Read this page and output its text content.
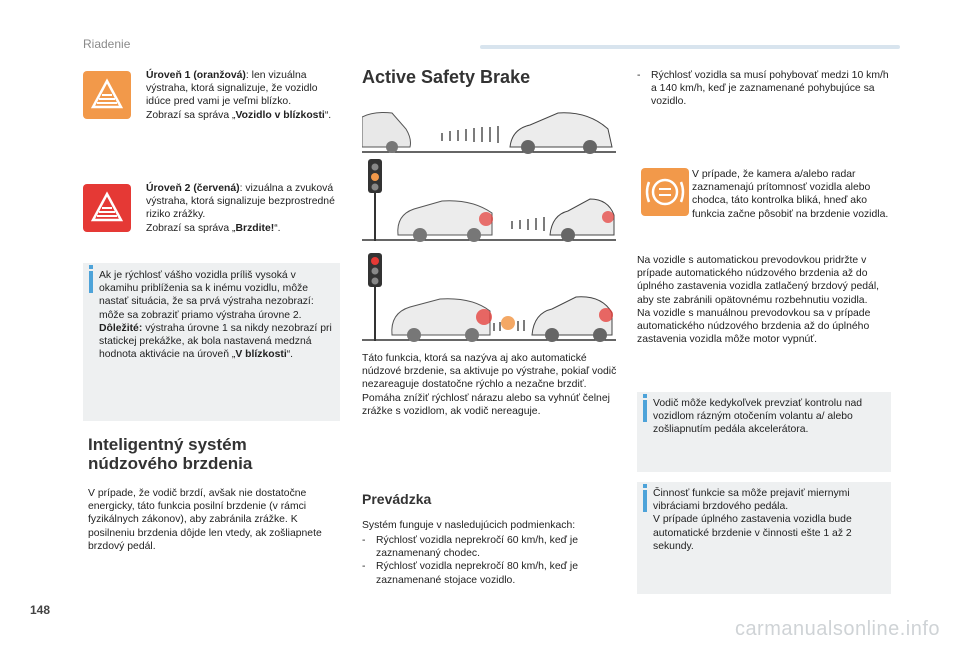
Riadenie
Úroveň 1 (oranžová): len vizuálna výstraha, ktorá signalizuje, že vozidlo idúce pred vami je veľmi blízko.
Zobrazí sa správa „Vozidlo v blízkosti“.
Úroveň 2 (červená): vizuálna a zvuková výstraha, ktorá signalizuje bezprostredné riziko zrážky.
Zobrazí sa správa „Brzdite!“.
Ak je rýchlosť vášho vozidla príliš vysoká v okamihu priblíženia sa k inému vozidlu, môže nastať situácia, že sa prvá výstraha nezobrazí: môže sa zobraziť priamo výstraha úrovne 2.
Dôležité: výstraha úrovne 1 sa nikdy nezobrazí pri statickej prekážke, ak bola nastavená medzná hodnota aktivácie na úroveň „V blízkosti“.
Inteligentný systém núdzového brzdenia
V prípade, že vodič brzdí, avšak nie dostatočne energicky, táto funkcia posilní brzdenie (v rámci fyzikálnych zákonov), aby zabránila zrážke. K posilneniu brzdenia dôjde len vtedy, ak zošliapnete brzdový pedál.
Active Safety Brake
Táto funkcia, ktorá sa nazýva aj ako automatické núdzové brzdenie, sa aktivuje po výstrahe, pokiaľ vodič nezareaguje dostatočne rýchlo a nezačne brzdiť.
Pomáha znížiť rýchlosť nárazu alebo sa vyhnúť čelnej zrážke s vozidlom, ak vodič nereaguje.
Prevádzka
Systém funguje v nasledujúcich podmienkach:
- Rýchlosť vozidla neprekročí 60 km/h, keď je zaznamenaný chodec.
- Rýchlosť vozidla neprekročí 80 km/h, keď je zaznamenané stojace vozidlo.
- Rýchlosť vozidla sa musí pohybovať medzi 10 km/h a 140 km/h, keď je zaznamenané pohybujúce sa vozidlo.
V prípade, že kamera a/alebo radar zaznamenajú prítomnosť vozidla alebo chodca, táto kontrolka bliká, hneď ako funkcia začne pôsobiť na brzdenie vozidla.
Na vozidle s automatickou prevodovkou pridržte v prípade automatického núdzového brzdenia až do úplného zastavenia vozidla zatlačený brzdový pedál, aby ste zabránili opätovnému rozbehnutiu vozidla.
Na vozidle s manuálnou prevodovkou sa v prípade automatického núdzového brzdenia až do úplného zastavenia vozidla môže motor vypnúť.
Vodič môže kedykoľvek prevziať kontrolu nad vozidlom rázným otočením volantu a/ alebo zošliapnutím pedála akcelerátora.
Činnosť funkcie sa môže prejaviť miernymi vibráciami brzdového pedála.
V prípade úplného zastavenia vozidla bude automatické brzdenie v činnosti ešte 1 až 2 sekundy.
148
carmanualsonline.info
